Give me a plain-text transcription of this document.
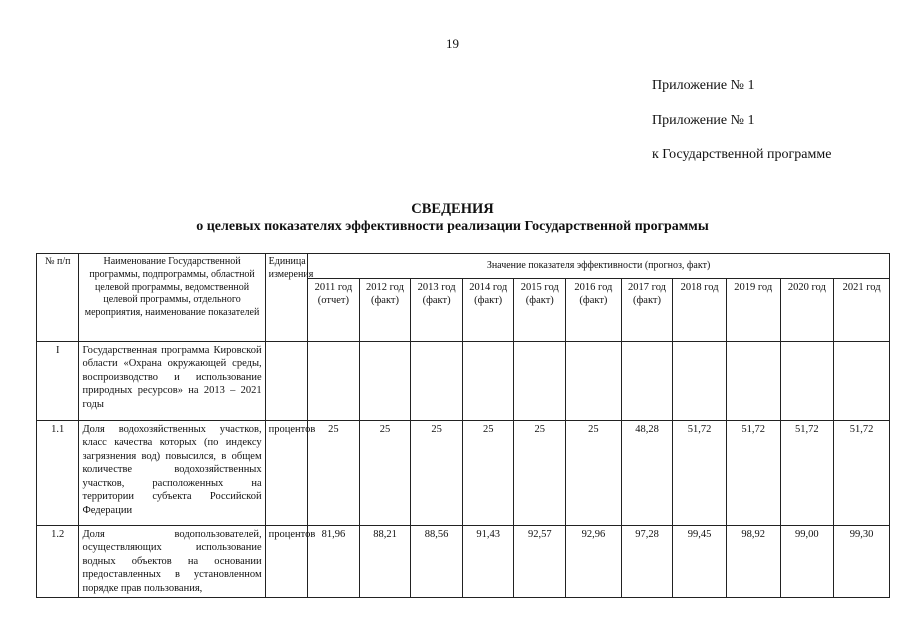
19
Приложение № 1
Приложение № 1
к Государственной программе
СВЕДЕНИЯ
о целевых показателях эффективности реализации Государственной программы
№ п/п	Наименование Государственной программы, подпрограммы, областной целевой программы, ведомственной целевой программы, отдельного мероприятия, наименование показателей	Единица измерения	Значение показателя эффективности (прогноз, факт)										
			2011 год (отчет)	2012 год (факт)	2013 год (факт)	2014 год (факт)	2015 год (факт)	2016 год (факт)	2017 год (факт)	2018 год	2019 год	2020 год	2021 год
I	Государственная программа Кировской области «Охрана окружающей среды, воспроизводство и использование природных ресурсов» на 2013 – 2021 годы												
1.1	Доля водохозяйственных участков, класс качества которых (по индексу загрязнения вод) повысился, в общем количестве водохозяйственных участков, расположенных на территории субъекта Российской Федерации	процентов	25	25	25	25	25	25	48,28	51,72	51,72	51,72	51,72
1.2	Доля водопользователей, осуществляющих использование водных объектов на основании предоставленных в установленном порядке прав пользования,	процентов	81,96	88,21	88,56	91,43	92,57	92,96	97,28	99,45	98,92	99,00	99,30
